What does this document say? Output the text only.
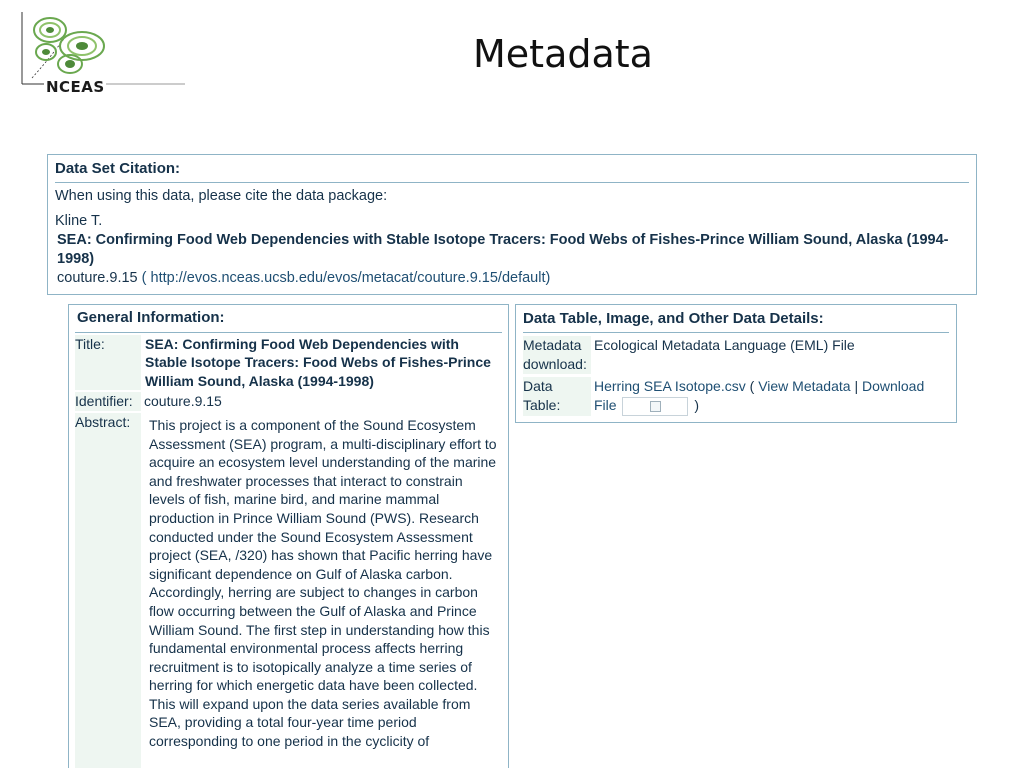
NCEAS
Metadata
Data Set Citation:
When using this data, please cite the data package:
Kline T.
SEA: Confirming Food Web Dependencies with Stable Isotope Tracers: Food Webs of Fishes-Prince William Sound, Alaska (1994-1998)
couture.9.15 ( http://evos.nceas.ucsb.edu/evos/metacat/couture.9.15/default)
General Information:
Title:	SEA: Confirming Food Web Dependencies with Stable Isotope Tracers: Food Webs of Fishes-Prince William Sound, Alaska (1994-1998)
Identifier: couture.9.15
Abstract:	This project is a component of the Sound Ecosystem Assessment (SEA) program, a multi-disciplinary effort to acquire an ecosystem level understanding of the marine and freshwater processes that interact to constrain levels of fish, marine bird, and marine mammal production in Prince William Sound (PWS). Research conducted under the Sound Ecosystem Assessment project (SEA, /320) has shown that Pacific herring have significant dependence on Gulf of Alaska carbon. Accordingly, herring are subject to changes in carbon flow occurring between the Gulf of Alaska and Prince William Sound. The first step in understanding how this fundamental environmental process affects herring recruitment is to isotopically analyze a time series of herring for which energetic data have been collected. This will expand upon the data series available from SEA, providing a total four-year time period corresponding to one period in the cyclicity of
Data Table, Image, and Other Data Details:
Metadata download:
Ecological Metadata Language (EML) File
Data Table:
Herring SEA Isotope.csv ( View Metadata | Download File	)
